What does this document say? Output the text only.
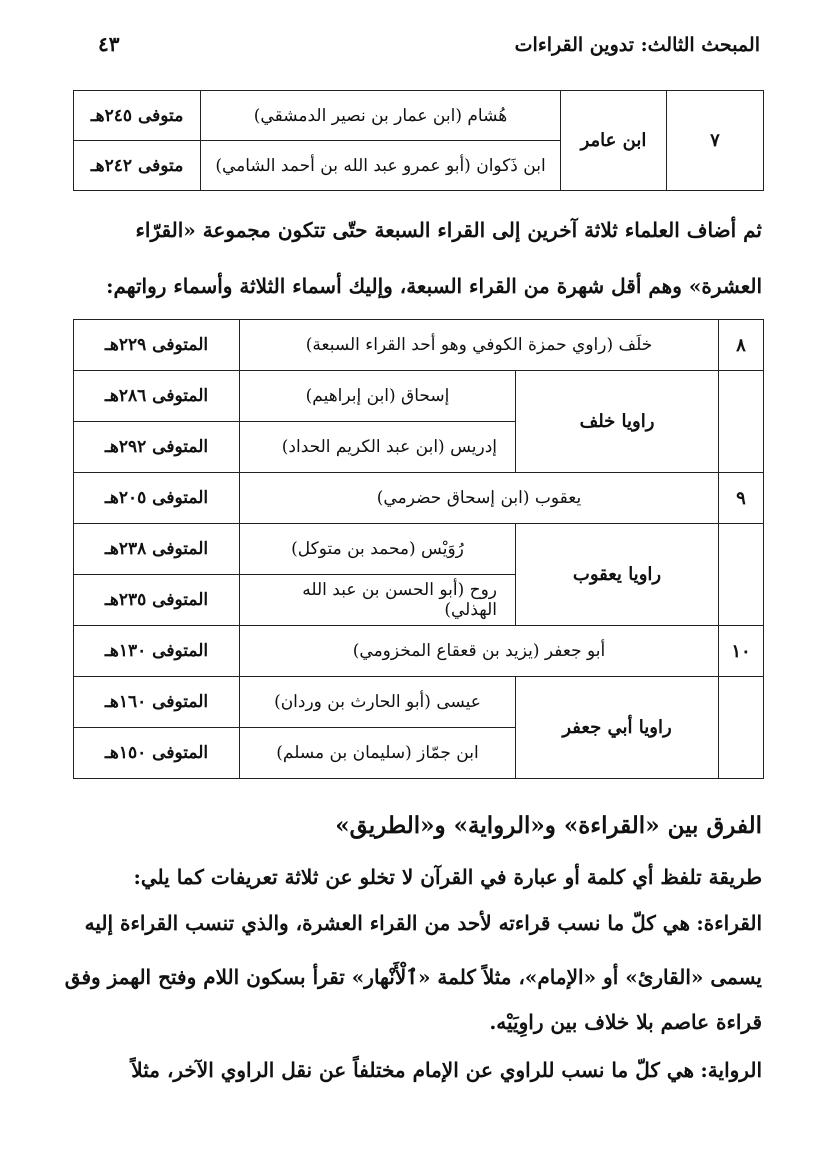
المبحث الثالث: تدوين القراءات
٤٣
٧	ابن عامر	هُشام (ابن عمار بن نصير الدمشقي)	متوفى ٢٤٥هـ
		ابن ذَكوان (أبو عمرو عبد الله بن أحمد الشامي)	متوفى ٢٤٢هـ
ثم أضاف العلماء ثلاثة آخرين إلى القراء السبعة حتّى تتكون مجموعة «القرّاء
العشرة» وهم أقل شهرة من القراء السبعة، وإليك أسماء الثلاثة وأسماء رواتهم:
٨	خلَف (راوي حمزة الكوفي وهو أحد القراء السبعة)		المتوفى ٢٢٩هـ
	راويا خلف	إسحاق (ابن إبراهيم)	المتوفى ٢٨٦هـ
		إدريس (ابن عبد الكريم الحداد)	المتوفى ٢٩٢هـ
٩	يعقوب (ابن إسحاق حضرمي)		المتوفى ٢٠٥هـ
	راويا يعقوب	رُوَيْس (محمد بن متوكل)	المتوفى ٢٣٨هـ
		روح (أبو الحسن بن عبد الله الهذلي)	المتوفى ٢٣٥هـ
١٠	أبو جعفر (يزيد بن قعقاع المخزومي)		المتوفى ١٣٠هـ
	راويا أبي جعفر	عيسى (أبو الحارث بن وردان)	المتوفى ١٦٠هـ
		ابن جمّاز (سليمان بن مسلم)	المتوفى ١٥٠هـ
الفرق بين «القراءة» و«الرواية» و«الطريق»
طريقة تلفظ أي كلمة أو عبارة في القرآن لا تخلو عن ثلاثة تعريفات كما يلي:
القراءة: هي كلّ ما نسب قراءته لأحد من القراء العشرة، والذي تنسب القراءة إليه
يسمى «القارئ» أو «الإمام»، مثلاً كلمة «ٱلْأَنْهار» تقرأ بسكون اللام وفتح الهمز وفق
قراءة عاصم بلا خلاف بين راوِيَيْه.
الرواية: هي كلّ ما نسب للراوي عن الإمام مختلفاً عن نقل الراوي الآخر، مثلاً
